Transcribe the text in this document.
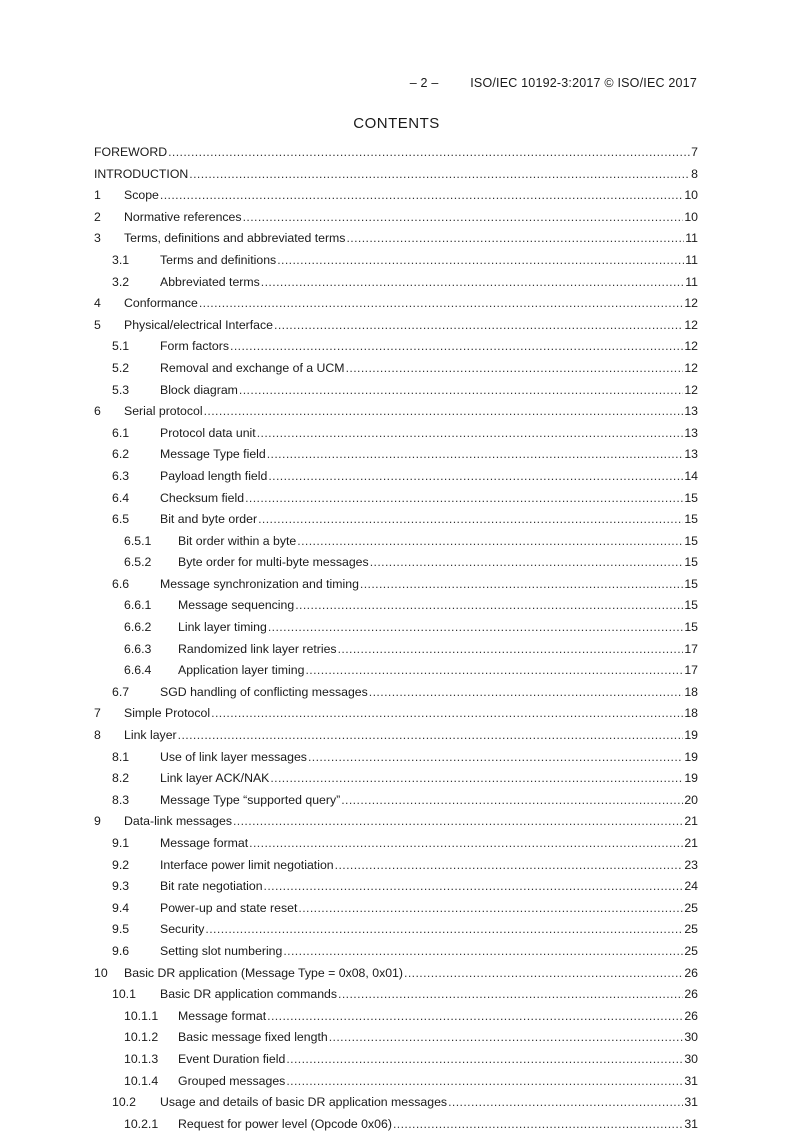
– 2 –	ISO/IEC 10192-3:2017 © ISO/IEC 2017
CONTENTS
FOREWORD .....	7
INTRODUCTION .....	8
1	Scope .....	10
2	Normative references .....	10
3	Terms, definitions and abbreviated terms .....	11
3.1	Terms and definitions .....	11
3.2	Abbreviated terms .....	11
4	Conformance .....	12
5	Physical/electrical Interface .....	12
5.1	Form factors .....	12
5.2	Removal and exchange of a UCM .....	12
5.3	Block diagram .....	12
6	Serial protocol .....	13
6.1	Protocol data unit .....	13
6.2	Message Type field .....	13
6.3	Payload length field .....	14
6.4	Checksum field .....	15
6.5	Bit and byte order .....	15
6.5.1	Bit order within a byte .....	15
6.5.2	Byte order for multi-byte messages .....	15
6.6	Message synchronization and timing .....	15
6.6.1	Message sequencing .....	15
6.6.2	Link layer timing .....	15
6.6.3	Randomized link layer retries .....	17
6.6.4	Application layer timing .....	17
6.7	SGD handling of conflicting messages .....	18
7	Simple Protocol .....	18
8	Link layer .....	19
8.1	Use of link layer messages .....	19
8.2	Link layer ACK/NAK .....	19
8.3	Message Type “supported query” .....	20
9	Data-link messages .....	21
9.1	Message format .....	21
9.2	Interface power limit negotiation .....	23
9.3	Bit rate negotiation .....	24
9.4	Power-up and state reset .....	25
9.5	Security .....	25
9.6	Setting slot numbering .....	25
10	Basic DR application (Message Type = 0x08, 0x01) .....	26
10.1	Basic DR application commands .....	26
10.1.1	Message format .....	26
10.1.2	Basic message fixed length .....	30
10.1.3	Event Duration field .....	30
10.1.4	Grouped messages .....	31
10.2	Usage and details of basic DR application messages .....	31
10.2.1	Request for power level (Opcode 0x06) .....	31
